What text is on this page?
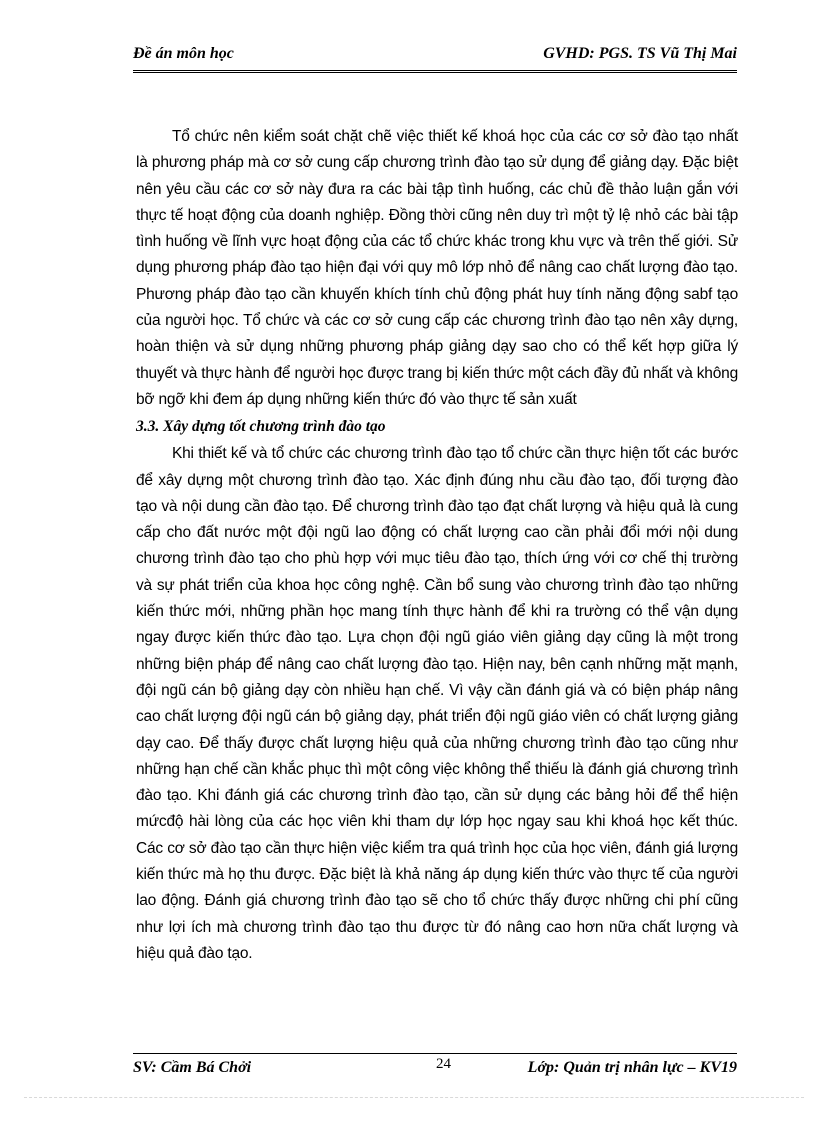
Đề án môn học	GVHD: PGS. TS Vũ Thị Mai

Tổ chức nên kiểm soát chặt chẽ việc thiết kế khoá học của các cơ sở đào tạo nhất là phương pháp mà cơ sở cung cấp chương trình đào tạo sử dụng để giảng dạy. Đặc biệt nên yêu cầu các cơ sở này đưa ra các bài tập tình huống, các chủ đề thảo luận gắn với thực tế hoạt động của doanh nghiệp. Đồng thời cũng nên duy trì một tỷ lệ nhỏ các bài tập tình huống về lĩnh vực hoạt động của các tổ chức khác trong khu vực và trên thế giới. Sử dụng phương pháp đào tạo hiện đại với quy mô lớp nhỏ để nâng cao chất lượng đào tạo. Phương pháp đào tạo cần khuyến khích tính chủ động phát huy tính năng động sabf tạo của người học. Tổ chức và các cơ sở cung cấp các chương trình đào tạo nên xây dựng, hoàn thiện và sử dụng những phương pháp giảng dạy sao cho có thể kết hợp giữa lý thuyết và thực hành để người học được trang bị kiến thức một cách đầy đủ nhất và không bỡ ngỡ khi đem áp dụng những kiến thức đó vào thực tế sản xuất

3.3. Xây dựng tốt chương trình đào tạo

Khi thiết kế và tổ chức các chương trình đào tạo tổ chức cần thực hiện tốt các bước để xây dựng một chương trình đào tạo. Xác định đúng nhu cầu đào tạo, đối tượng đào tạo và nội dung cần đào tạo. Để chương trình đào tạo đạt chất lượng và hiệu quả là cung cấp cho đất nước một đội ngũ lao động có chất lượng cao cần phải đổi mới nội dung chương trình đào tạo cho phù hợp với mục tiêu đào tạo, thích ứng với cơ chế thị trường và sự phát triển của khoa học công nghệ. Cần bổ sung vào chương trình đào tạo những kiến thức mới, những phần học mang tính thực hành để khi ra trường có thể vận dụng ngay được kiến thức đào tạo. Lựa chọn đội ngũ giáo viên giảng dạy cũng là một trong những biện pháp để nâng cao chất lượng đào tạo. Hiện nay, bên cạnh những mặt mạnh, đội ngũ cán bộ giảng dạy còn nhiều hạn chế. Vì vậy cần đánh giá và có biện pháp nâng cao chất lượng đội ngũ cán bộ giảng dạy, phát triển đội ngũ giáo viên có chất lượng giảng dạy cao. Để thấy được chất lượng hiệu quả của những chương trình đào tạo cũng như những hạn chế cần khắc phục thì một công việc không thể thiếu là đánh giá chương trình đào tạo. Khi đánh giá các chương trình đào tạo, cần sử dụng các bảng hỏi để thể hiện mứcđộ hài lòng của các học viên khi tham dự lớp học ngay sau khi khoá học kết thúc. Các cơ sở đào tạo cần thực hiện việc kiểm tra quá trình học của học viên, đánh giá lượng kiến thức mà họ thu được. Đặc biệt là khả năng áp dụng kiến thức vào thực tế của người lao động. Đánh giá chương trình đào tạo sẽ cho tổ chức thấy được những chi phí cũng như lợi ích mà chương trình đào tạo thu được từ đó nâng cao hơn nữa chất lượng và hiệu quả đào tạo.

SV: Cầm Bá Chởi	24	Lớp: Quản trị nhân lực – KV19
